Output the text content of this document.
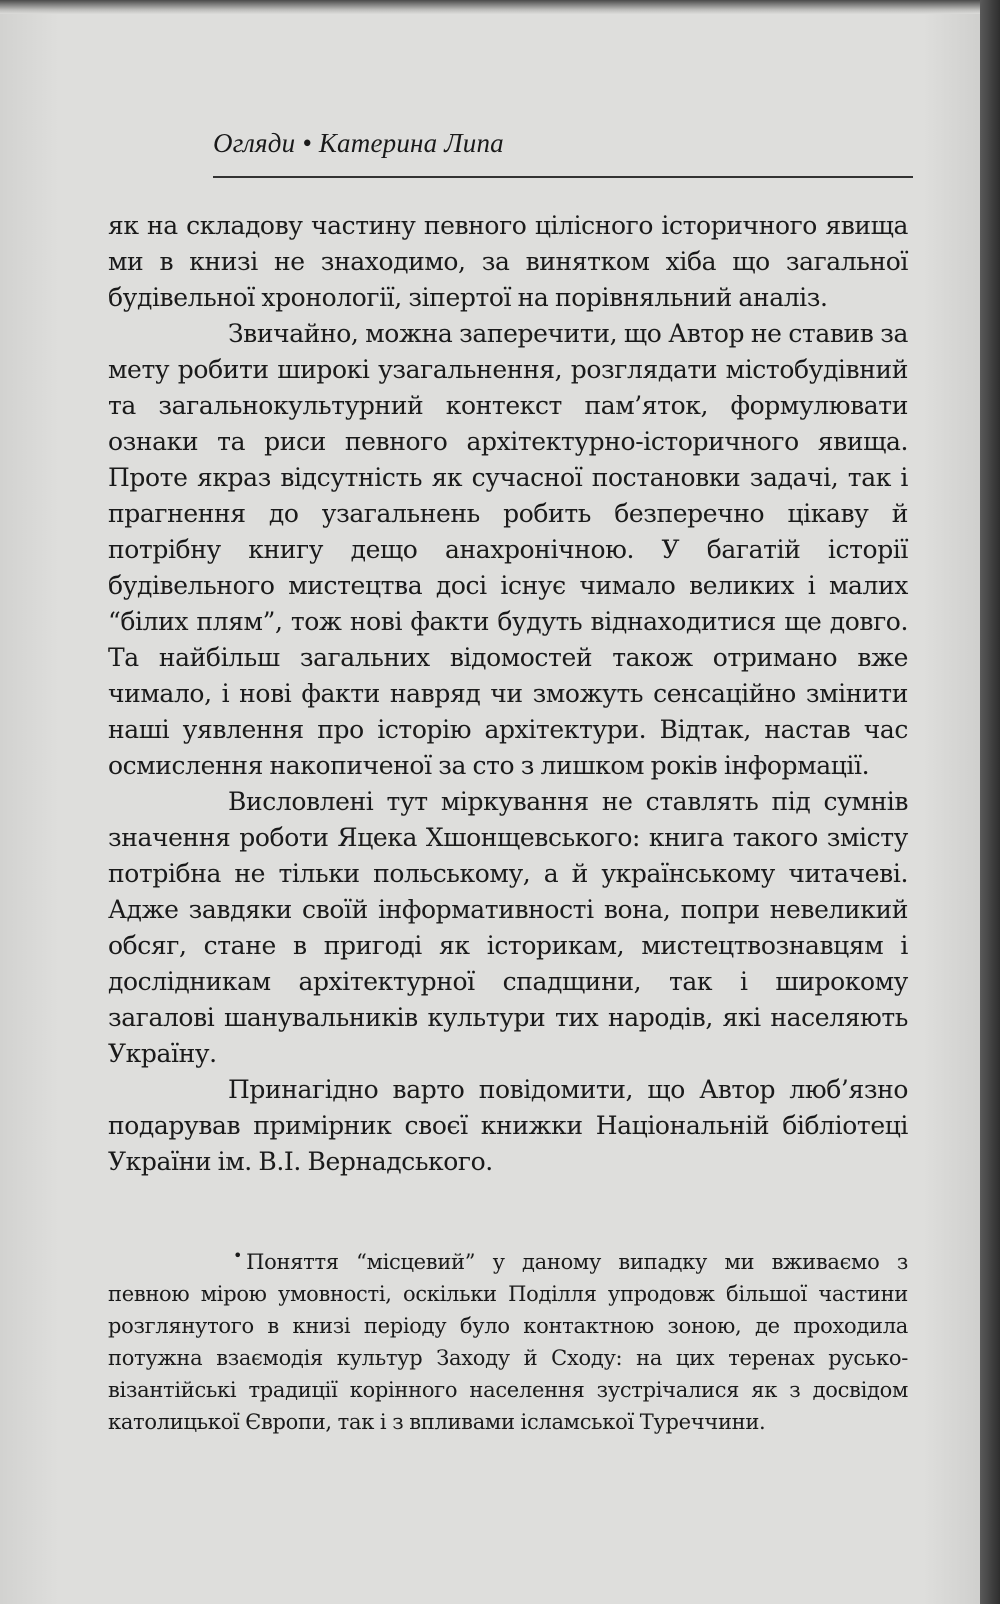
Огляди • Катерина Липа

як на складову частину певного цілісного історичного явища ми в книзі не знаходимо, за винятком хіба що загальної будівельної хронології, зіпертої на порівняльний аналіз.

Звичайно, можна заперечити, що Автор не ставив за мету робити широкі узагальнення, розглядати містобудівний та загальнокультурний контекст пам’яток, формулювати ознаки та риси певного архітектурно-історичного явища. Проте якраз відсутність як сучасної постановки задачі, так і прагнення до узагальнень робить безперечно цікаву й потрібну книгу дещо анахронічною. У багатій історії будівельного мистецтва досі існує чимало великих і малих “білих плям”, тож нові факти будуть віднаходитися ще довго. Та найбільш загальних відомостей також отримано вже чимало, і нові факти навряд чи зможуть сенсаційно змінити наші уявлення про історію архітектури. Відтак, настав час осмислення накопиченої за сто з лишком років інформації.

Висловлені тут міркування не ставлять під сумнів значення роботи Яцека Хшонщевського: книга такого змісту потрібна не тільки польському, а й українському читачеві. Адже завдяки своїй інформативності вона, попри невеликий обсяг, стане в пригоді як історикам, мистецтвознавцям і дослідникам архітектурної спадщини, так і широкому загалові шанувальників культури тих народів, які населяють Україну.

Принагідно варто повідомити, що Автор люб’язно подарував примірник своєї книжки Національній бібліотеці України ім. В.І. Вернадського.

• Поняття “місцевий” у даному випадку ми вживаємо з певною мірою умовності, оскільки Поділля упродовж більшої частини розглянутого в книзі періоду було контактною зоною, де проходила потужна взаємодія культур Заходу й Сходу: на цих теренах русько-візантійські традиції корінного населення зустрічалися як з досвідом католицької Європи, так і з впливами ісламської Туреччини.
